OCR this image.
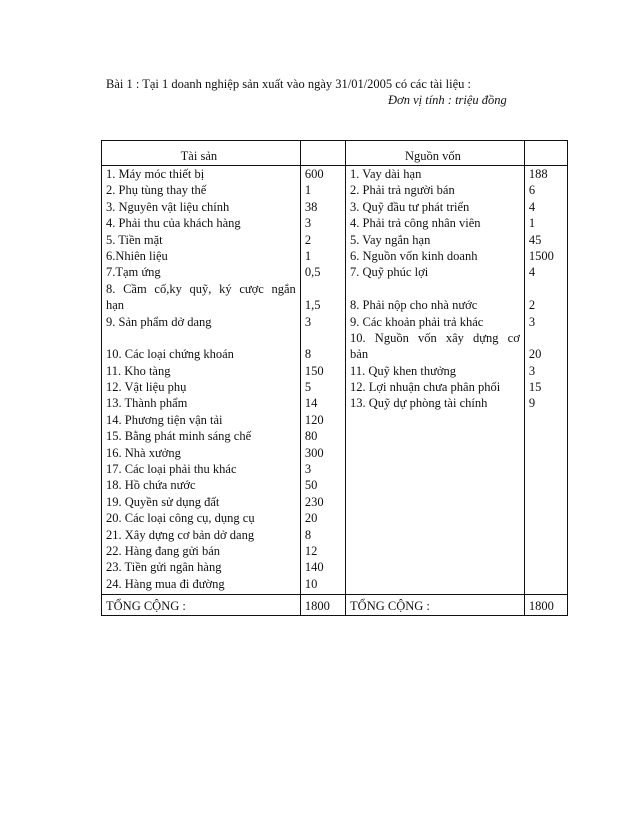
Bài 1 : Tại 1 doanh nghiệp sản xuất vào ngày 31/01/2005 có các tài liệu :
Đơn vị tính : triệu đồng
Tài sản		Nguồn vốn	
1. Máy móc thiết bị	600	1. Vay dài hạn	188
2. Phụ tùng thay thế	1	2. Phải trả người bán	6
3. Nguyên vật liệu chính	38	3. Quỹ đầu tư phát triển	4
4. Phải thu của khách hàng	3	4. Phải trả công nhân viên	1
5. Tiền mặt	2	5. Vay ngắn hạn	45
6.Nhiên liệu	1	6. Nguồn vốn kinh doanh	1500
7.Tạm ứng	0,5	7. Quỹ phúc lợi	4
8. Cầm cố,ky quỹ, ký cược ngắn			
hạn	1,5	8. Phải nộp cho nhà nước	2
9. Sản phẩm dở dang	3	9. Các khoản phải trả khác	3
		10. Nguồn vốn xây dựng cơ	
10. Các loại chứng khoán	8	bản	20
11. Kho tàng	150	11. Quỹ khen thưởng	3
12. Vật liệu phụ	5	12. Lợi nhuận chưa phân phối	15
13. Thành phẩm	14	13. Quỹ dự phòng tài chính	9
14. Phương tiện vận tải	120		
15. Bằng phát minh sáng chế	80		
16. Nhà xưởng	300		
17. Các loại phải thu khác	3		
18. Hồ chứa nước	50		
19. Quyền sử dụng đất	230		
20. Các loại công cụ, dụng cụ	20		
21. Xây dựng cơ bản dở dang	8		
22. Hàng đang gửi bán	12		
23. Tiền gửi ngân hàng	140		
24. Hàng mua đi đường	10		
TỔNG CỘNG :	1800	TỔNG CỘNG :	1800
